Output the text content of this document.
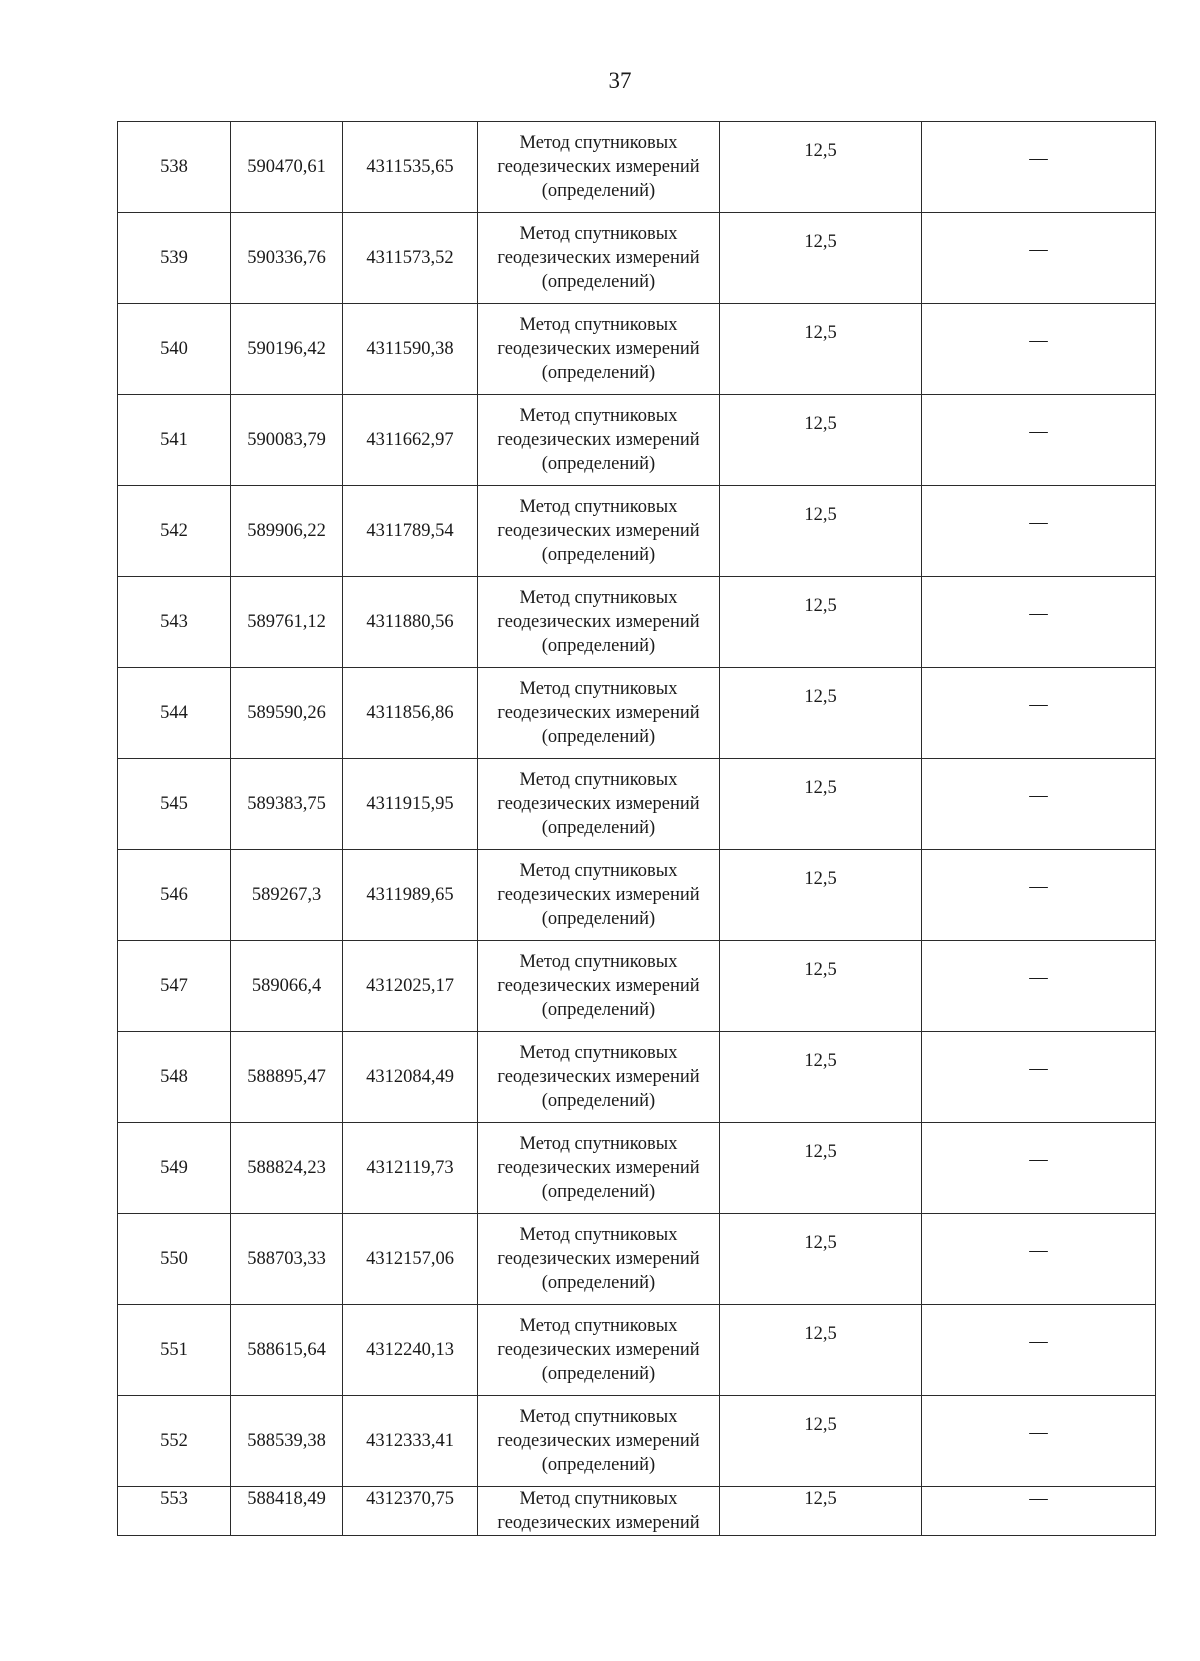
37
538	590470,61	4311535,65	Метод спутниковых
геодезических измерений
(определений)	12,5	—
539	590336,76	4311573,52	Метод спутниковых
геодезических измерений
(определений)	12,5	—
540	590196,42	4311590,38	Метод спутниковых
геодезических измерений
(определений)	12,5	—
541	590083,79	4311662,97	Метод спутниковых
геодезических измерений
(определений)	12,5	—
542	589906,22	4311789,54	Метод спутниковых
геодезических измерений
(определений)	12,5	—
543	589761,12	4311880,56	Метод спутниковых
геодезических измерений
(определений)	12,5	—
544	589590,26	4311856,86	Метод спутниковых
геодезических измерений
(определений)	12,5	—
545	589383,75	4311915,95	Метод спутниковых
геодезических измерений
(определений)	12,5	—
546	589267,3	4311989,65	Метод спутниковых
геодезических измерений
(определений)	12,5	—
547	589066,4	4312025,17	Метод спутниковых
геодезических измерений
(определений)	12,5	—
548	588895,47	4312084,49	Метод спутниковых
геодезических измерений
(определений)	12,5	—
549	588824,23	4312119,73	Метод спутниковых
геодезических измерений
(определений)	12,5	—
550	588703,33	4312157,06	Метод спутниковых
геодезических измерений
(определений)	12,5	—
551	588615,64	4312240,13	Метод спутниковых
геодезических измерений
(определений)	12,5	—
552	588539,38	4312333,41	Метод спутниковых
геодезических измерений
(определений)	12,5	—
553	588418,49	4312370,75	Метод спутниковых
геодезических измерений	12,5	—
